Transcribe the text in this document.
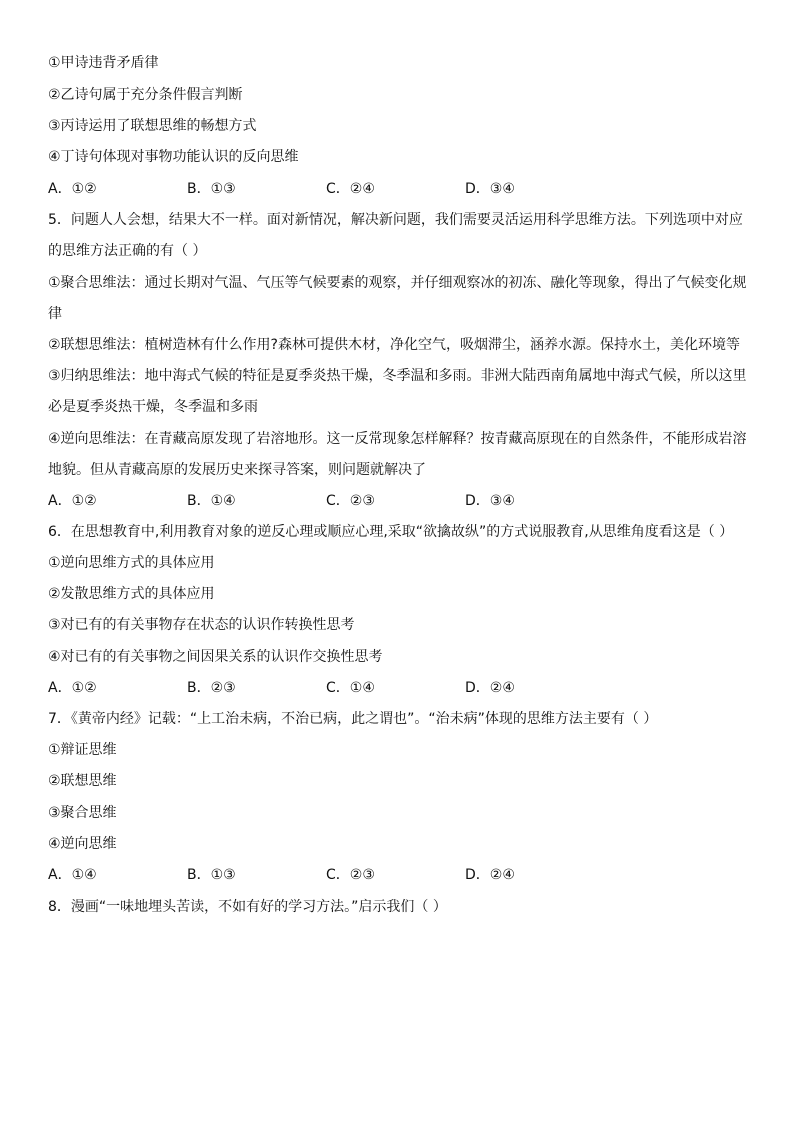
①甲诗违背矛盾律
②乙诗句属于充分条件假言判断
③丙诗运用了联想思维的畅想方式
④丁诗句体现对事物功能认识的反向思维
A．①②	B．①③	C．②④	D．③④
5．问题人人会想，结果大不一样。面对新情况，解决新问题，我们需要灵活运用科学思维方法。下列选项中对应
的思维方法正确的有（ ）
①聚合思维法：通过长期对气温、气压等气候要素的观察，并仔细观察冰的初冻、融化等现象，得出了气候变化规
律
②联想思维法：植树造林有什么作用?森林可提供木材，净化空气，吸烟滞尘，涵养水源。保持水土，美化环境等
③归纳思维法：地中海式气候的特征是夏季炎热干燥，冬季温和多雨。非洲大陆西南角属地中海式气候，所以这里
必是夏季炎热干燥，冬季温和多雨
④逆向思维法：在青藏高原发现了岩溶地形。这一反常现象怎样解释？按青藏高原现在的自然条件，不能形成岩溶
地貌。但从青藏高原的发展历史来探寻答案，则问题就解决了
A．①②	B．①④	C．②③	D．③④
6．在思想教育中,利用教育对象的逆反心理或顺应心理,采取“欲擒故纵”的方式说服教育,从思维角度看这是（ ）
①逆向思维方式的具体应用
②发散思维方式的具体应用
③对已有的有关事物存在状态的认识作转换性思考
④对已有的有关事物之间因果关系的认识作交换性思考
A．①②	B．②③	C．①④	D．②④
7．《黄帝内经》记载：“上工治未病，不治已病，此之谓也”。“治未病”体现的思维方法主要有（ ）
①辩证思维
②联想思维
③聚合思维
④逆向思维
A．①④	B．①③	C．②③	D．②④
8．漫画“一味地埋头苦读，不如有好的学习方法。”启示我们（ ）
